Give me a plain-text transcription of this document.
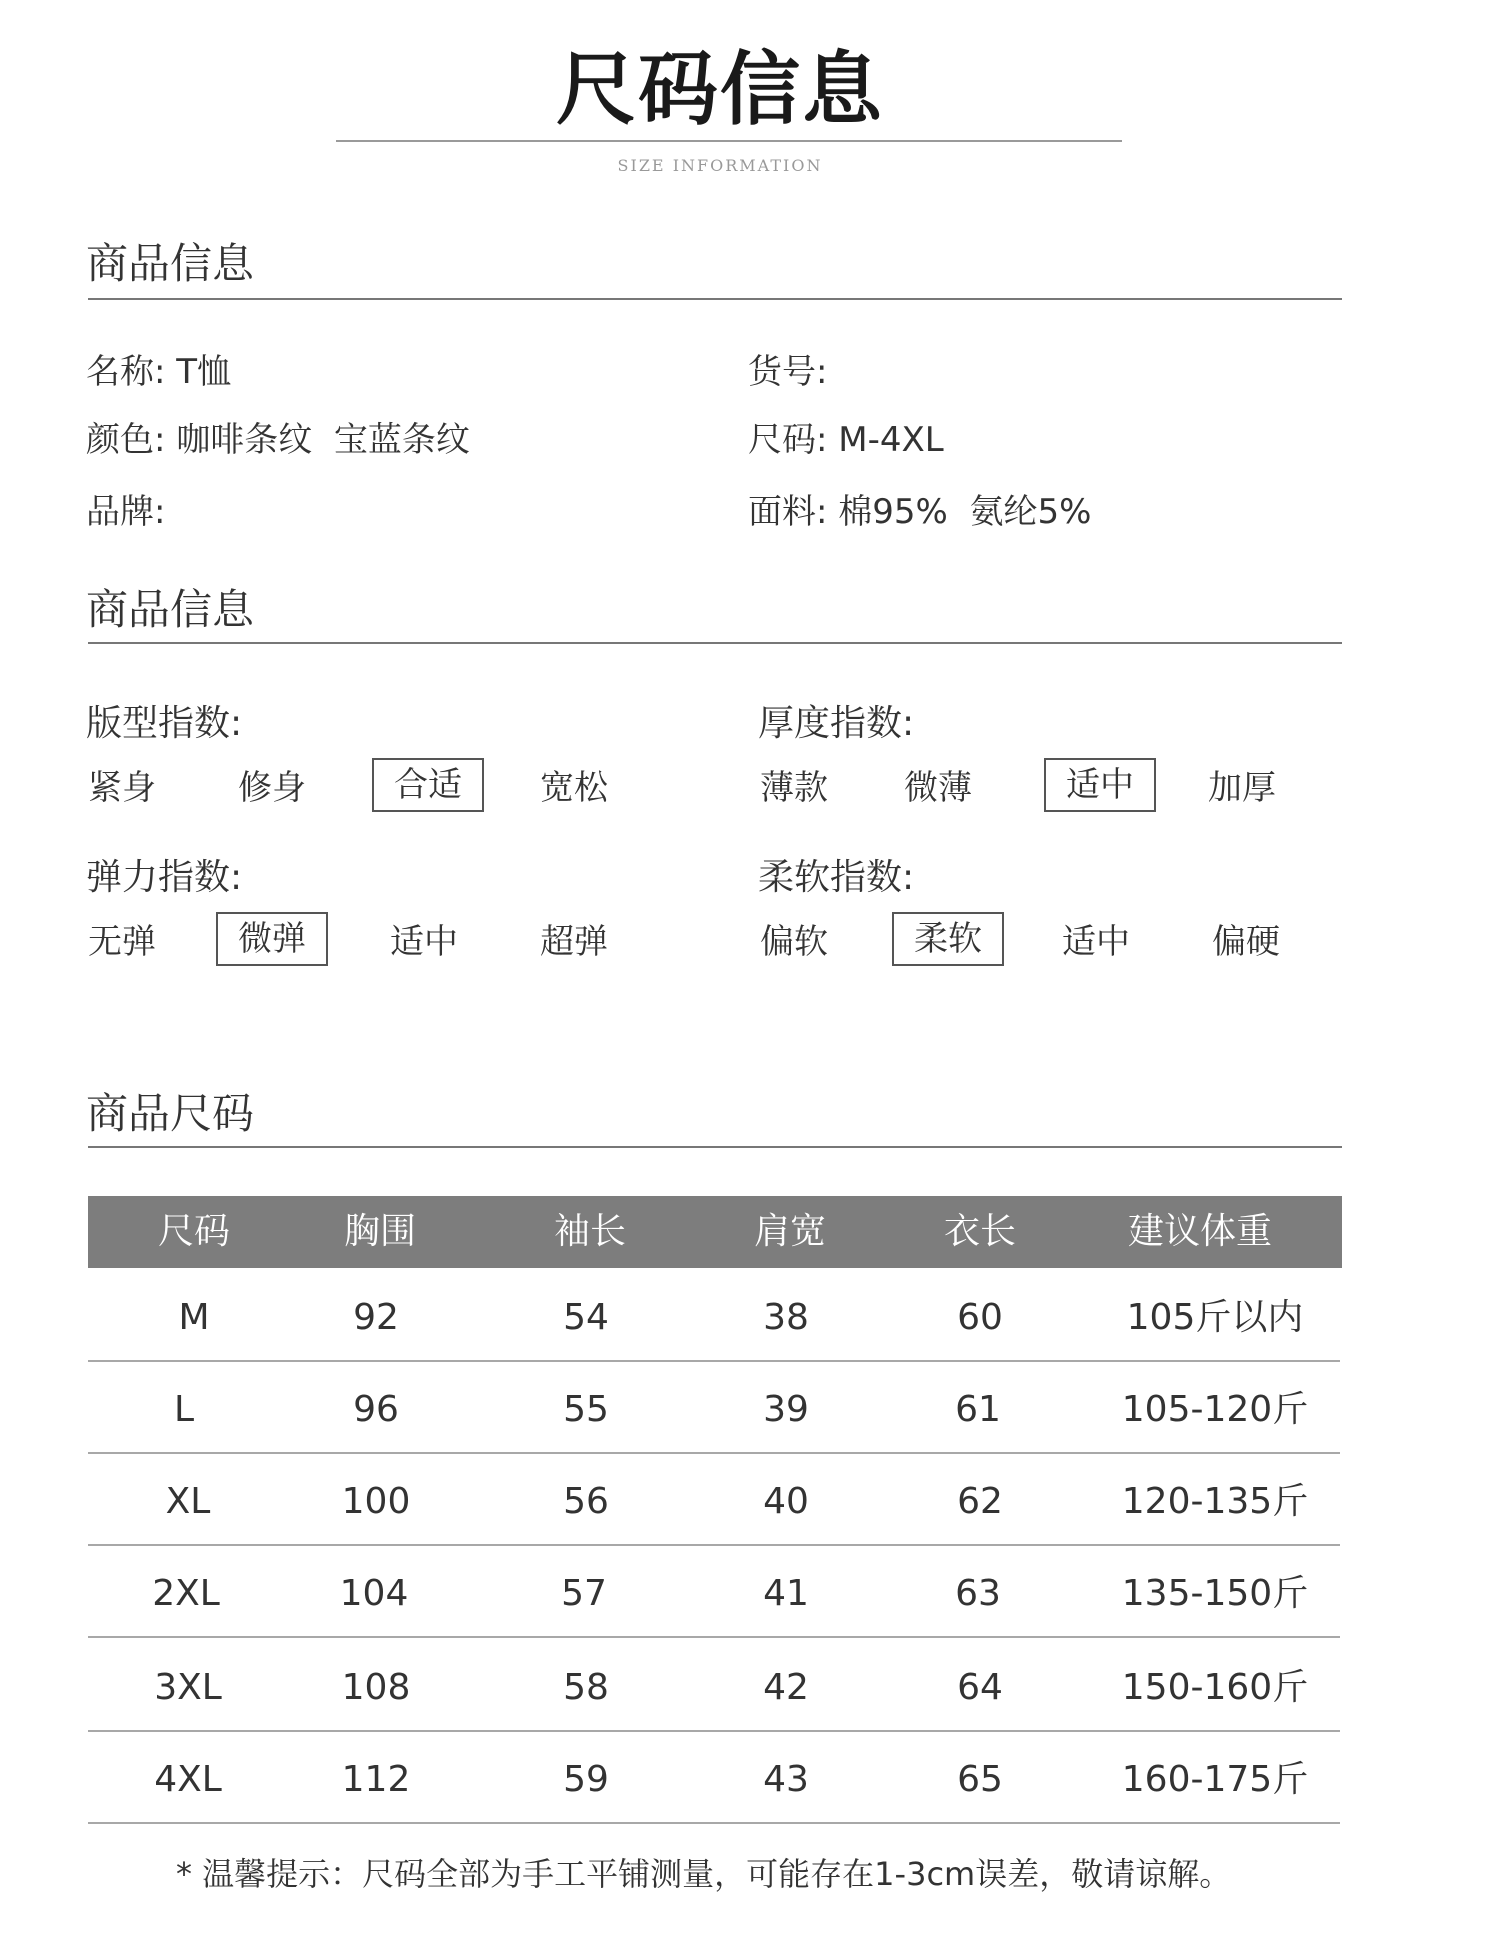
尺码信息
SIZE INFORMATION
商品信息
名称: T恤	货号:
颜色: 咖啡条纹  宝蓝条纹	尺码: M-4XL
品牌:	面料: 棉95%  氨纶5%
商品信息
版型指数:
紧身 修身	合适	宽松
厚度指数:
薄款 微薄	适中	加厚
弹力指数:
无弹	微弹	适中 超弹
柔软指数:
偏软	柔软	适中 偏硬
商品尺码
尺码	胸围	袖长	肩宽	衣长	建议体重
M	92	54	38	60	105斤以内
L	96	55	39	61	105-120斤
XL	100	56	40	62	120-135斤
2XL	104	57	41	63	135-150斤
3XL	108	58	42	64	150-160斤
4XL	112	59	43	65	160-175斤
* 温馨提示：尺码全部为手工平铺测量，可能存在1-3cm误差，敬请谅解。
